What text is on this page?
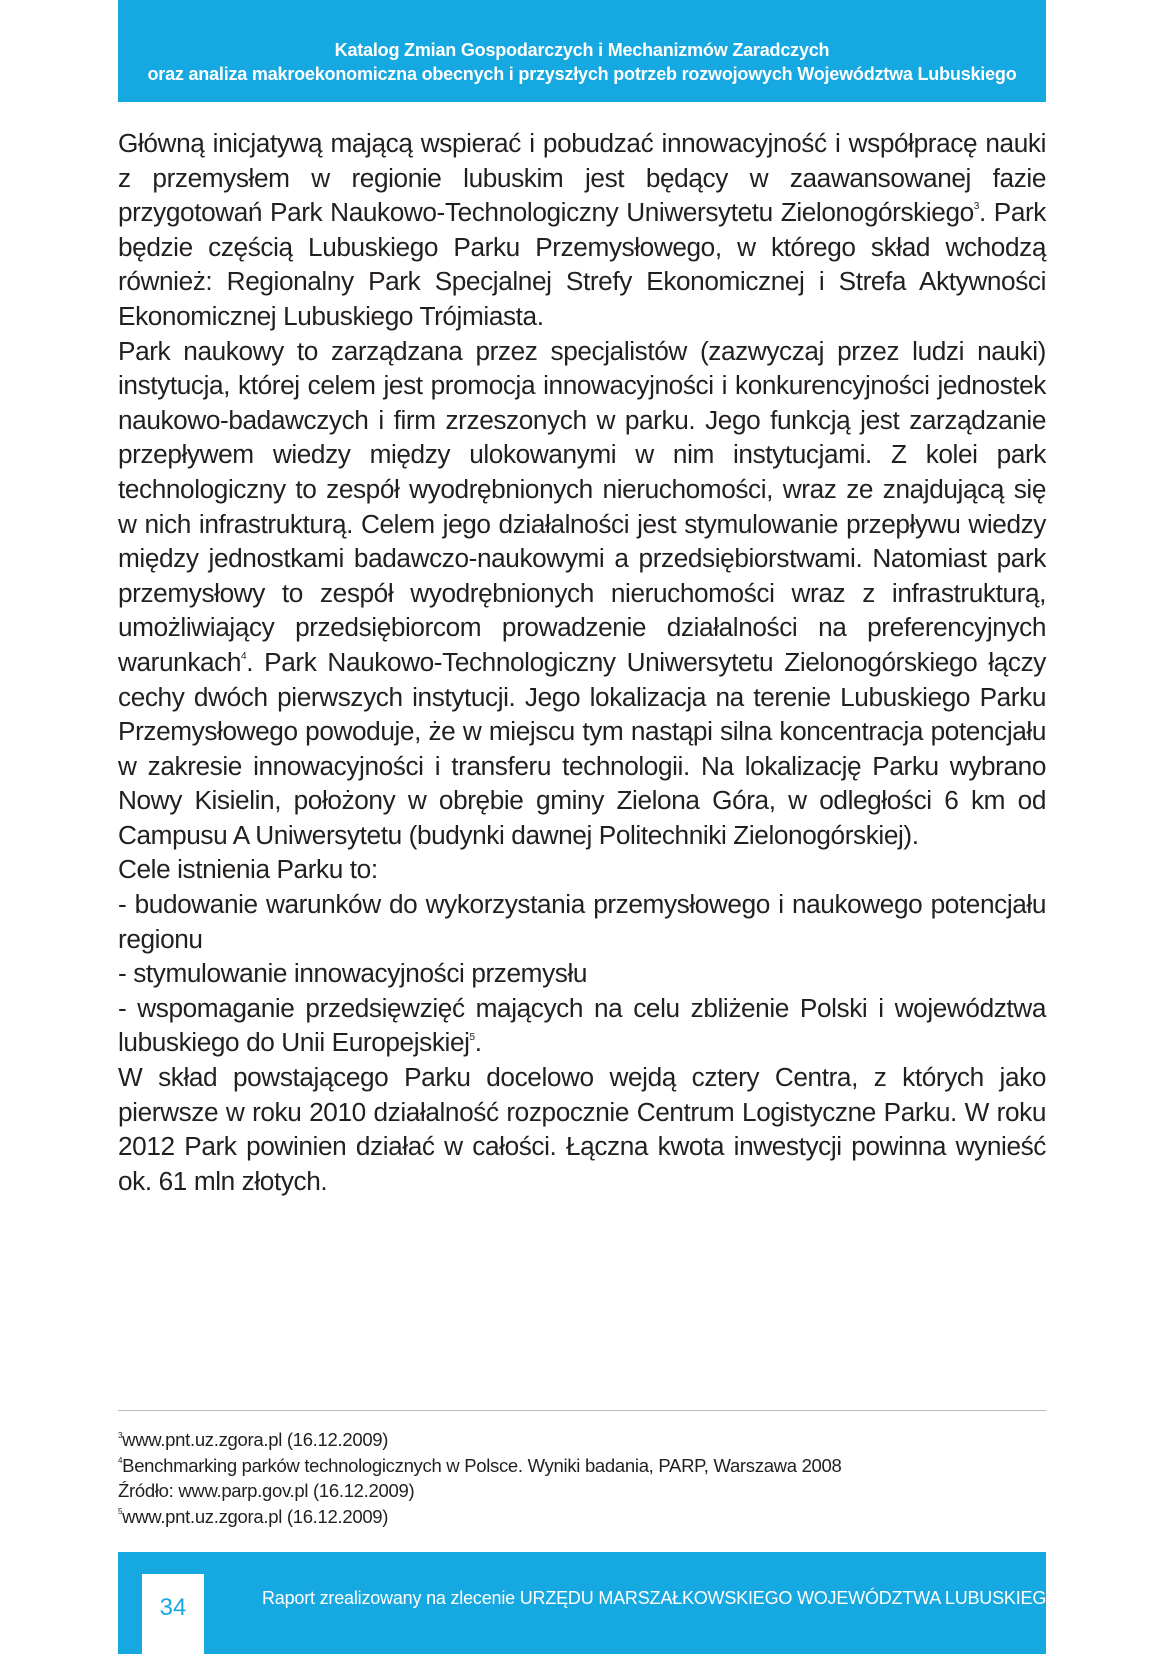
Katalog Zmian Gospodarczych i Mechanizmów Zaradczych
oraz analiza makroekonomiczna obecnych i przyszłych potrzeb rozwojowych Województwa Lubuskiego

Główną inicjatywą mającą wspierać i pobudzać innowacyjność i współpracę nauki z przemysłem w regionie lubuskim jest będący w zaawansowanej fazie przygotowań Park Naukowo-Technologiczny Uniwersytetu Zielonogórskiego$^3$. Park będzie częścią Lubuskiego Parku Przemysłowego, w którego skład wchodzą również: Regionalny Park Specjalnej Strefy Ekonomicznej i Strefa Aktywności Ekonomicznej Lubuskiego Trójmiasta.

Park naukowy to zarządzana przez specjalistów (zazwyczaj przez ludzi nauki) instytucja, której celem jest promocja innowacyjności i konkurencyjności jednostek naukowo-badawczych i firm zrzeszonych w parku. Jego funkcją jest zarządzanie przepływem wiedzy między ulokowanymi w nim instytucjami. Z kolei park technologiczny to zespół wyodrębnionych nieruchomości, wraz ze znajdującą się w nich infrastrukturą. Celem jego działalności jest stymulowanie przepływu wiedzy między jednostkami badawczo-naukowymi a przedsiębiorstwami. Natomiast park przemysłowy to zespół wyodrębnionych nieruchomości wraz z infrastrukturą, umożliwiający przedsiębiorcom prowadzenie działalności na preferencyjnych warunkach$^4$. Park Naukowo-Technologiczny Uniwersytetu Zielonogórskiego łączy cechy dwóch pierwszych instytucji. Jego lokalizacja na terenie Lubuskiego Parku Przemysłowego powoduje, że w miejscu tym nastąpi silna koncentracja potencjału w zakresie innowacyjności i transferu technologii. Na lokalizację Parku wybrano Nowy Kisielin, położony w obrębie gminy Zielona Góra, w odległości 6 km od Campusu A Uniwersytetu (budynki dawnej Politechniki Zielonogórskiej).

Cele istnienia Parku to:

- budowanie warunków do wykorzystania przemysłowego i naukowego potencjału regionu

- stymulowanie innowacyjności przemysłu

- wspomaganie przedsięwzięć mających na celu zbliżenie Polski i województwa lubuskiego do Unii Europejskiej$^5$.

W skład powstającego Parku docelowo wejdą cztery Centra, z których jako pierwsze w roku 2010 działalność rozpocznie Centrum Logistyczne Parku. W roku 2012 Park powinien działać w całości. Łączna kwota inwestycji powinna wynieść ok. 61 mln złotych.

$^3$www.pnt.uz.zgora.pl (16.12.2009)
$^4$Benchmarking parków technologicznych w Polsce. Wyniki badania, PARP, Warszawa 2008
Źródło: www.parp.gov.pl (16.12.2009)
$^5$www.pnt.uz.zgora.pl (16.12.2009)
34	Raport zrealizowany na zlecenie URZĘDU MARSZAŁKOWSKIEGO WOJEWÓDZTWA LUBUSKIEGO
